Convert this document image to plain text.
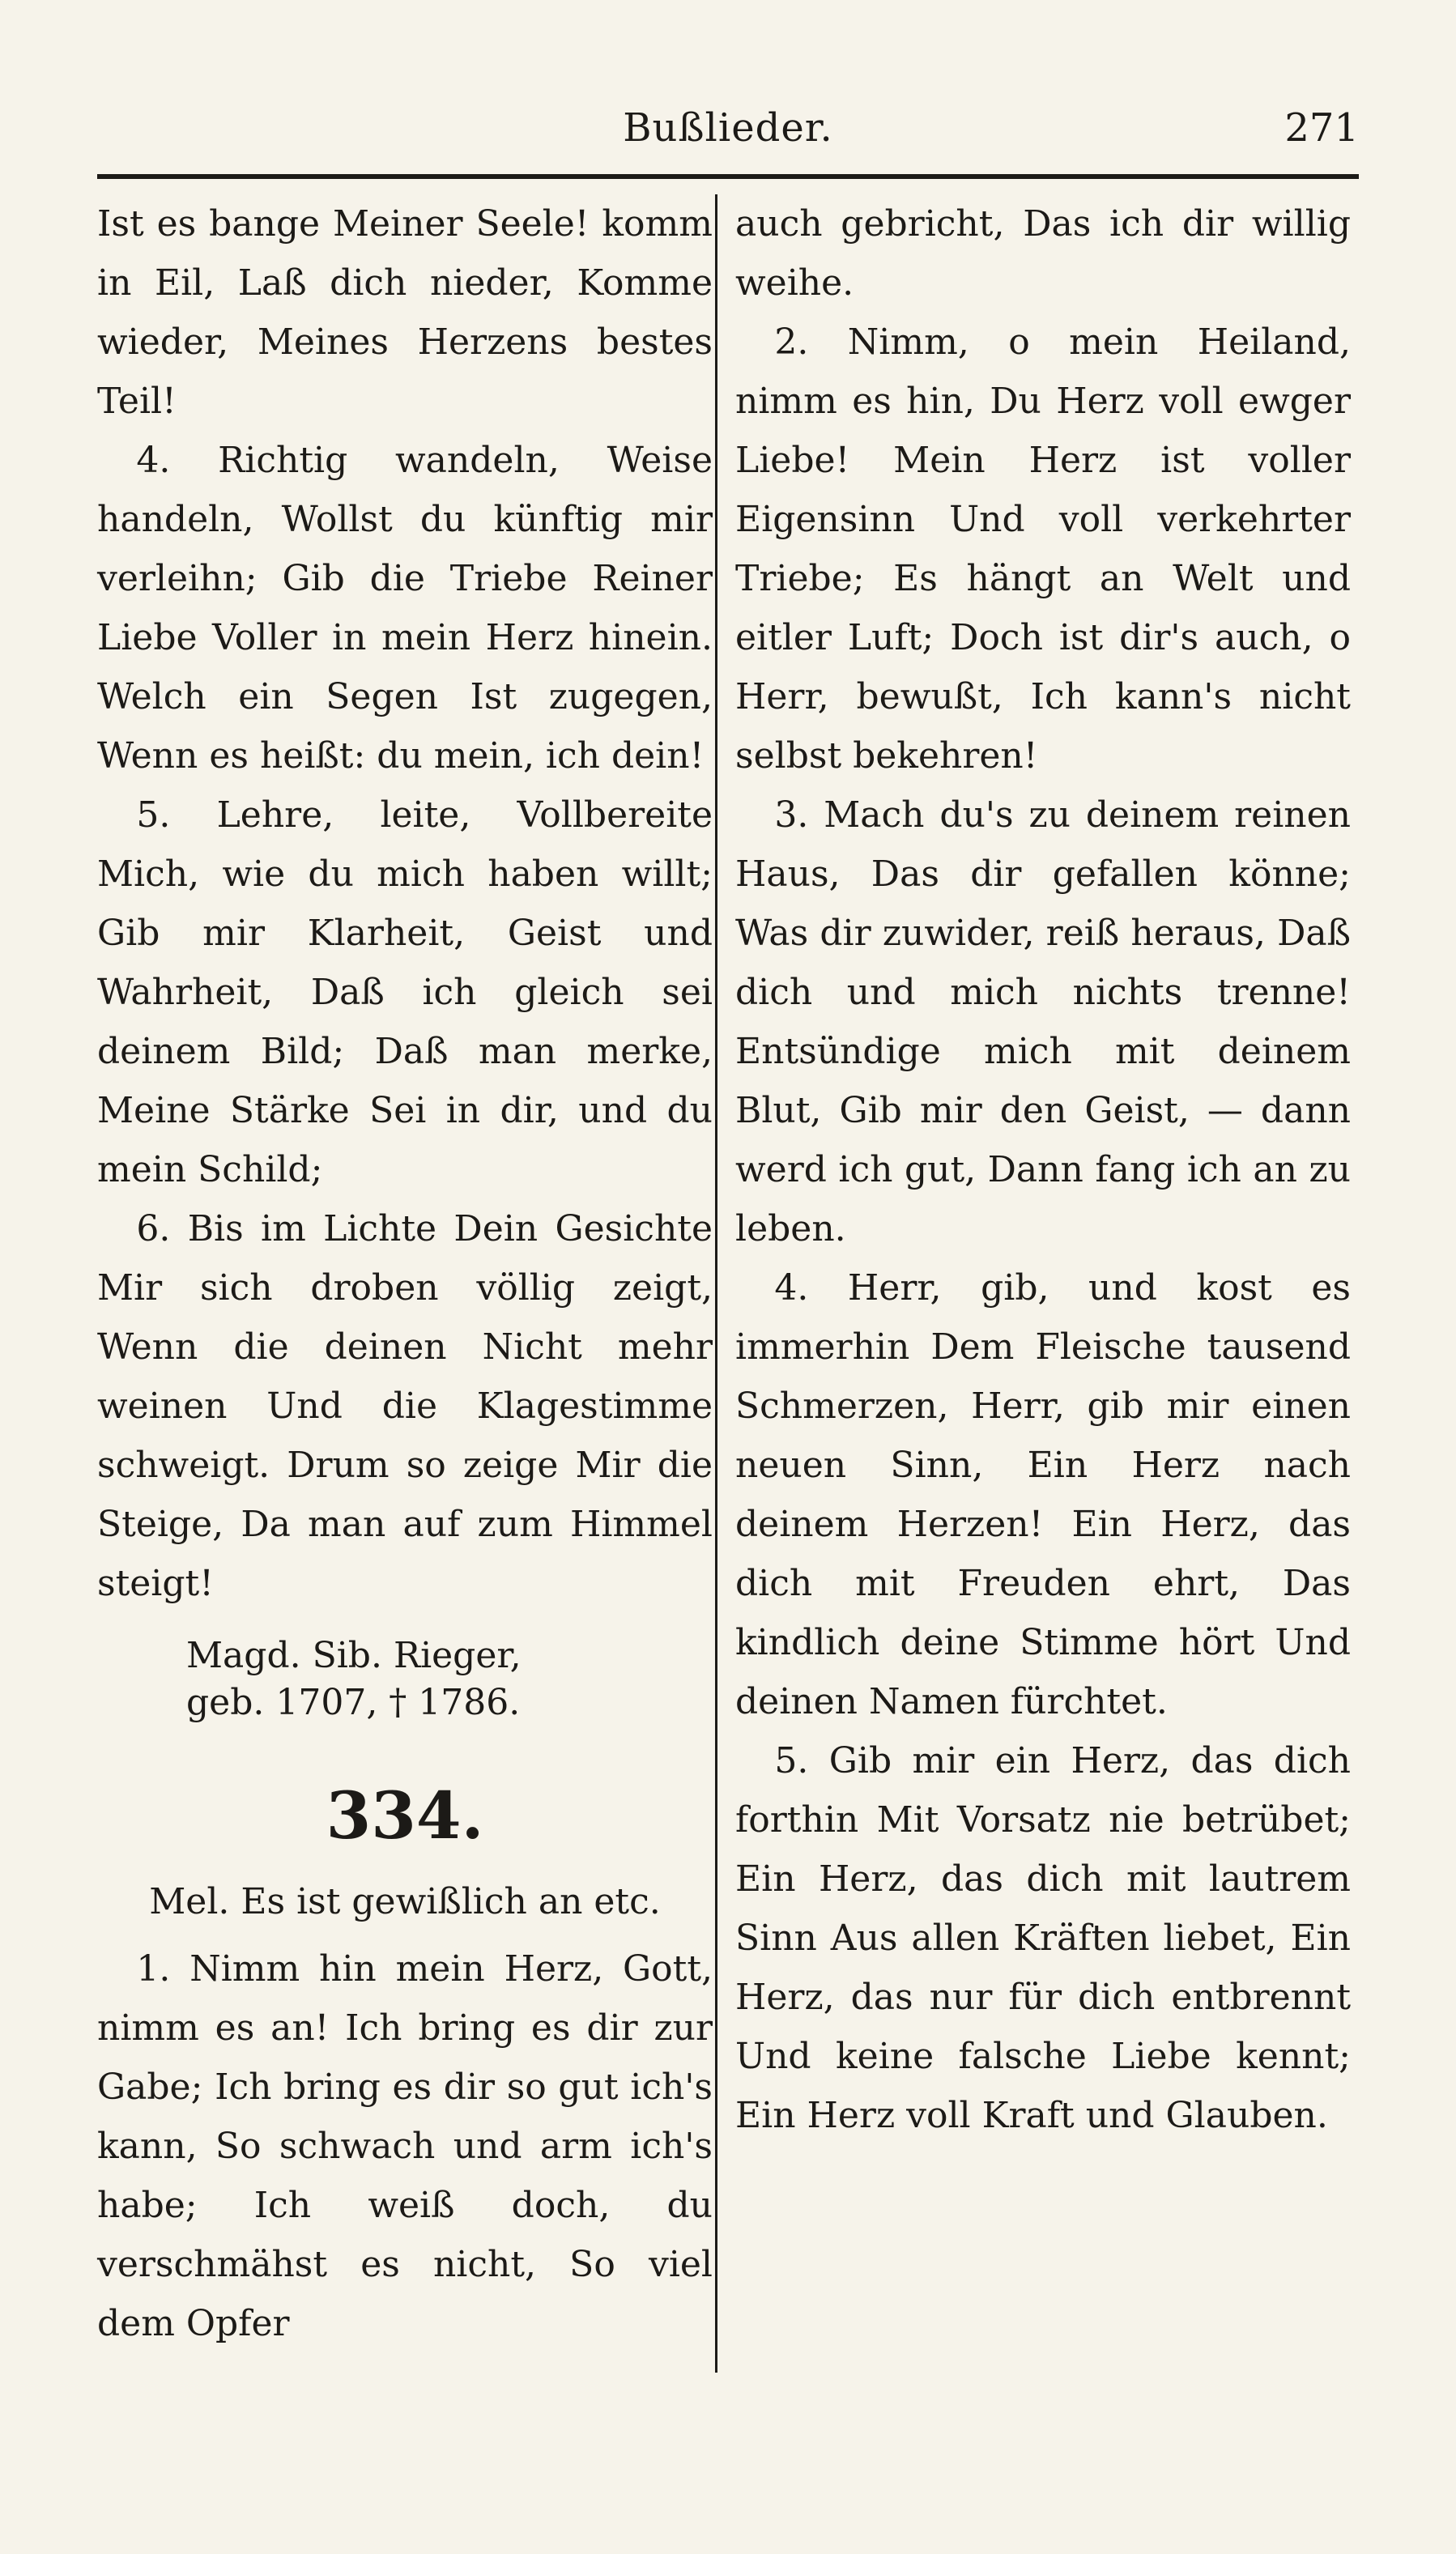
Bußlieder.	271

Ist es bange Meiner Seele! komm in Eil, Laß dich nieder, Komme wieder, Meines Herzens bestes Teil!

4. Richtig wandeln, Weise handeln, Wollst du künftig mir verleihn; Gib die Triebe Reiner Liebe Voller in mein Herz hinein. Welch ein Segen Ist zugegen, Wenn es heißt: du mein, ich dein!

5. Lehre, leite, Vollbereite Mich, wie du mich haben willt; Gib mir Klarheit, Geist und Wahrheit, Daß ich gleich sei deinem Bild; Daß man merke, Meine Stärke Sei in dir, und du mein Schild;

6. Bis im Lichte Dein Gesichte Mir sich droben völlig zeigt, Wenn die deinen Nicht mehr weinen Und die Klagestimme schweigt. Drum so zeige Mir die Steige, Da man auf zum Himmel steigt!

Magd. Sib. Rieger,
geb. 1707, † 1786.
334.

Mel. Es ist gewißlich an etc.

1. Nimm hin mein Herz, Gott, nimm es an! Ich bring es dir zur Gabe; Ich bring es dir so gut ich's kann, So schwach und arm ich's habe; Ich weiß doch, du verschmähst es nicht, So viel dem Opfer

auch gebricht, Das ich dir willig weihe.

2. Nimm, o mein Heiland, nimm es hin, Du Herz voll ewger Liebe! Mein Herz ist voller Eigensinn Und voll verkehrter Triebe; Es hängt an Welt und eitler Luft; Doch ist dir's auch, o Herr, bewußt, Ich kann's nicht selbst bekehren!

3. Mach du's zu deinem reinen Haus, Das dir gefallen könne; Was dir zuwider, reiß heraus, Daß dich und mich nichts trenne! Entsündige mich mit deinem Blut, Gib mir den Geist, — dann werd ich gut, Dann fang ich an zu leben.

4. Herr, gib, und kost es immerhin Dem Fleische tausend Schmerzen, Herr, gib mir einen neuen Sinn, Ein Herz nach deinem Herzen! Ein Herz, das dich mit Freuden ehrt, Das kindlich deine Stimme hört Und deinen Namen fürchtet.

5. Gib mir ein Herz, das dich forthin Mit Vorsatz nie betrübet; Ein Herz, das dich mit lautrem Sinn Aus allen Kräften liebet, Ein Herz, das nur für dich entbrennt Und keine falsche Liebe kennt; Ein Herz voll Kraft und Glauben.
